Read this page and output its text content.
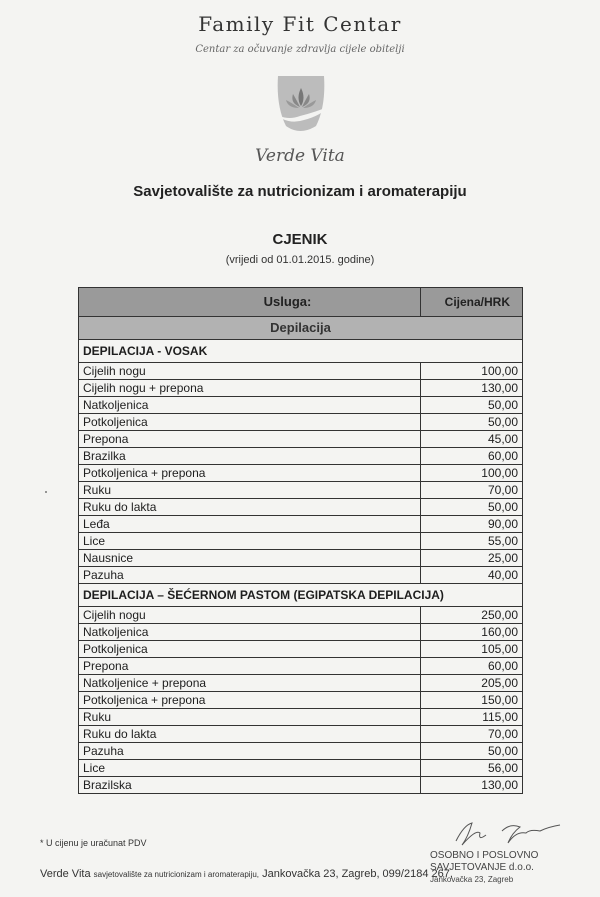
Family Fit Centar
Centar za očuvanje zdravlja cijele obitelji
Verde Vita
Savjetovalište za nutricionizam i aromaterapiju
CJENIK
(vrijedi od 01.01.2015. godine)
Usluga:	Cijena/HRK
Depilacija	
DEPILACIJA - VOSAK	
Cijelih nogu	100,00
Cijelih nogu + prepona	130,00
Natkoljenica	50,00
Potkoljenica	50,00
Prepona	45,00
Brazilka	60,00
Potkoljenica + prepona	100,00
Ruku	70,00
Ruku do lakta	50,00
Leđa	90,00
Lice	55,00
Nausnice	25,00
Pazuha	40,00
DEPILACIJA – ŠEĆERNOM PASTOM (EGIPATSKA DEPILACIJA)	
Cijelih nogu	250,00
Natkoljenica	160,00
Potkoljenica	105,00
Prepona	60,00
Natkoljenice + prepona	205,00
Potkoljenica + prepona	150,00
Ruku	115,00
Ruku do lakta	70,00
Pazuha	50,00
Lice	56,00
Brazilska	130,00
* U cijenu je uračunat PDV
Verde Vita savjetovalište za nutricionizam i aromaterapiju, Jankovačka 23, Zagreb, 099/2184 267,
OSOBNO I POSLOVNO
SAVJETOVANJE d.o.o.
Jankovačka 23, Zagreb
